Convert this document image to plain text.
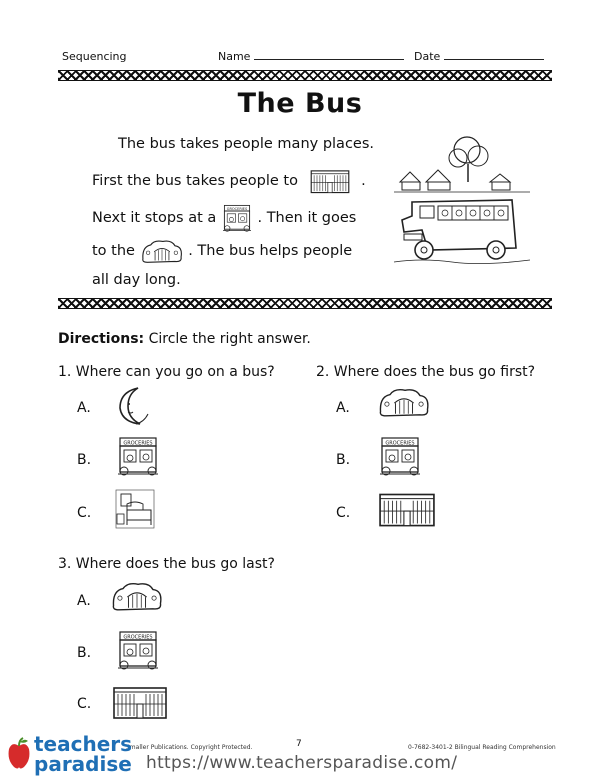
Sequencing	Name	Date
The Bus
The bus takes people many places.
First the bus takes people to	.
Next it stops at a	. Then it goes
to the	. The bus helps people
all day long.
Directions: Circle the right answer.
1. Where can you go on a bus?
A.
B.
C.
2. Where does the bus go first?
A.
B.
C.
3. Where does the bus go last?
A.
B.
C.
Smaller Publications. Copyright Protected.	7	0-7682-3401-2 Bilingual Reading Comprehension
teachers
paradise https://www.teachersparadise.com/
